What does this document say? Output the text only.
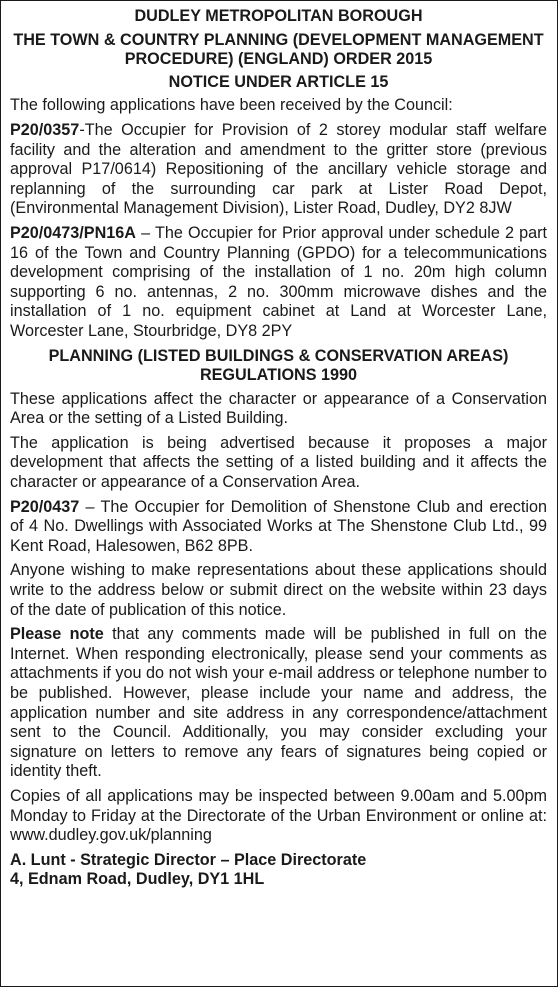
DUDLEY METROPOLITAN BOROUGH
THE TOWN & COUNTRY PLANNING (DEVELOPMENT MANAGEMENT PROCEDURE) (ENGLAND) ORDER 2015
NOTICE UNDER ARTICLE 15
The following applications have been received by the Council:
P20/0357-The Occupier for Provision of 2 storey modular staff welfare facility and the alteration and amendment to the gritter store (previous approval P17/0614) Repositioning of the ancillary vehicle storage and replanning of the surrounding car park at Lister Road Depot, (Environmental Management Division), Lister Road, Dudley, DY2 8JW
P20/0473/PN16A – The Occupier for Prior approval under schedule 2 part 16 of the Town and Country Planning (GPDO) for a telecommunications development comprising of the installation of 1 no. 20m high column supporting 6 no. antennas, 2 no. 300mm microwave dishes and the installation of 1 no. equipment cabinet at Land at Worcester Lane, Worcester Lane, Stourbridge, DY8 2PY
PLANNING (LISTED BUILDINGS & CONSERVATION AREAS) REGULATIONS 1990
These applications affect the character or appearance of a Conservation Area or the setting of a Listed Building.
The application is being advertised because it proposes a major development that affects the setting of a listed building and it affects the character or appearance of a Conservation Area.
P20/0437 – The Occupier for Demolition of Shenstone Club and erection of 4 No. Dwellings with Associated Works at The Shenstone Club Ltd., 99 Kent Road, Halesowen, B62 8PB.
Anyone wishing to make representations about these applications should write to the address below or submit direct on the website within 23 days of the date of publication of this notice.
Please note that any comments made will be published in full on the Internet. When responding electronically, please send your comments as attachments if you do not wish your e-mail address or telephone number to be published. However, please include your name and address, the application number and site address in any correspondence/attachment sent to the Council. Additionally, you may consider excluding your signature on letters to remove any fears of signatures being copied or identity theft.
Copies of all applications may be inspected between 9.00am and 5.00pm Monday to Friday at the Directorate of the Urban Environment or online at: www.dudley.gov.uk/planning
A. Lunt - Strategic Director – Place Directorate
4, Ednam Road, Dudley, DY1 1HL
